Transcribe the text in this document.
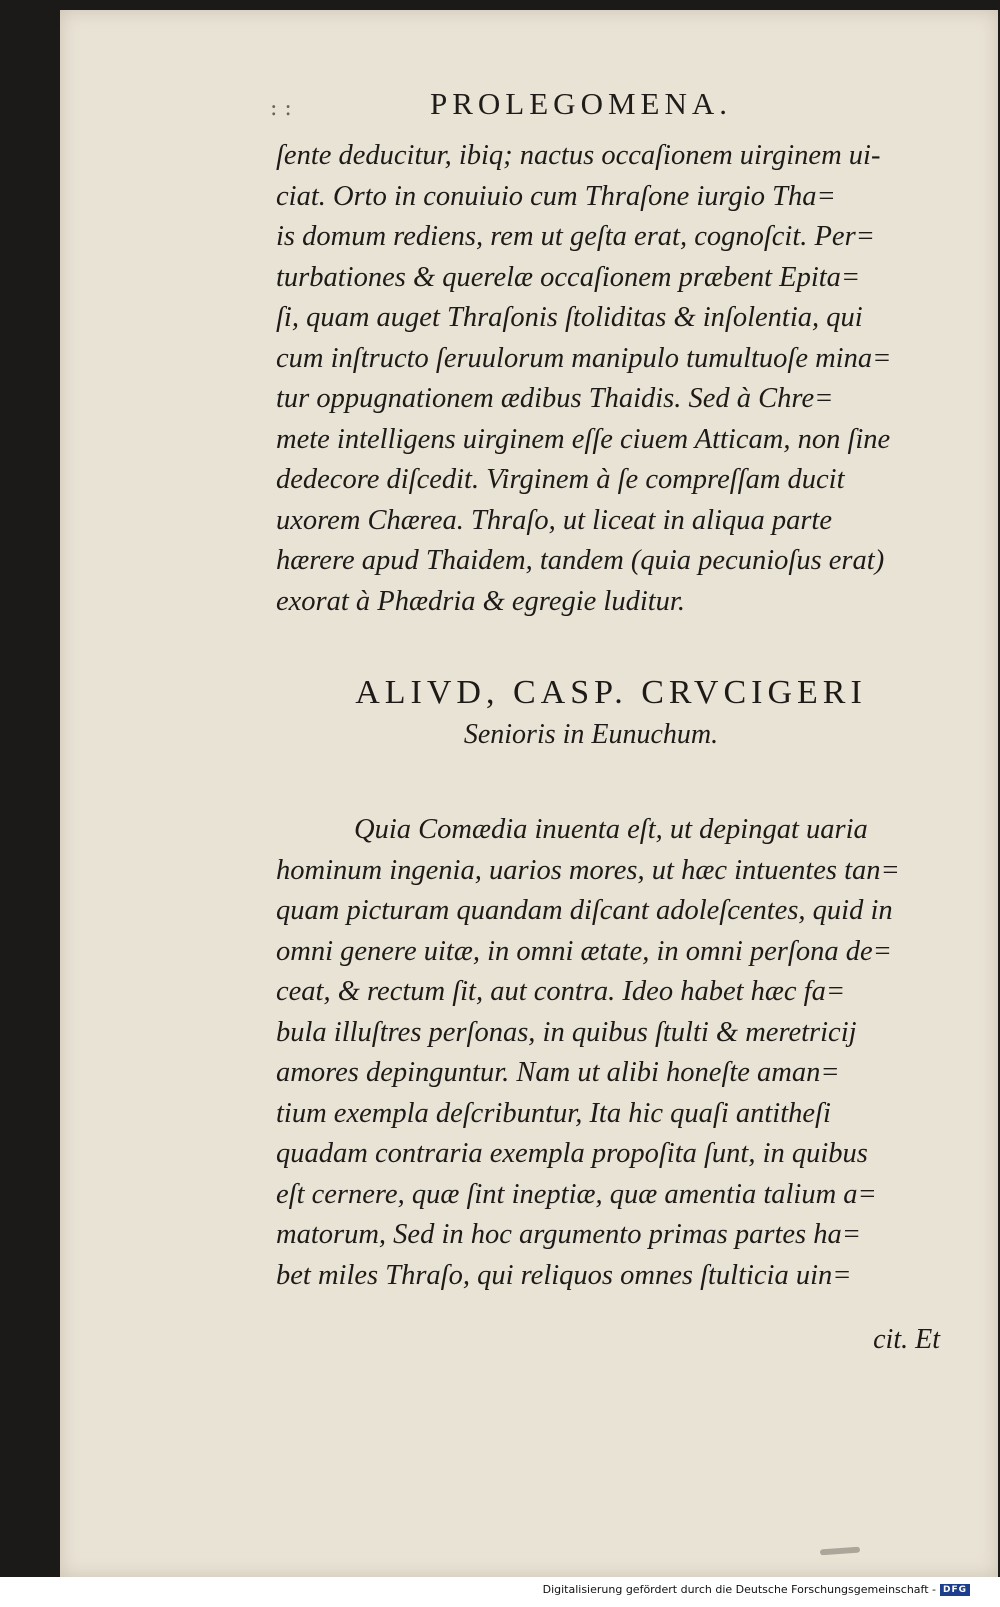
: :	PROLEGOMENA.
ſente deducitur, ibiq; nactus occaſionem uirginem ui-
ciat. Orto in conuiuio cum Thraſone iurgio Tha=
is domum rediens, rem ut geſta erat, cognoſcit. Per=
turbationes & querelæ occaſionem præbent Epita=
ſi, quam auget Thraſonis ſtoliditas & inſolentia, qui
cum inſtructo ſeruulorum manipulo tumultuoſe mina=
tur oppugnationem ædibus Thaidis. Sed à Chre=
mete intelligens uirginem eſſe ciuem Atticam, non ſine
dedecore diſcedit. Virginem à ſe compreſſam ducit
uxorem Chærea. Thraſo, ut liceat in aliqua parte
hærere apud Thaidem, tandem (quia pecunioſus erat)
exorat à Phædria & egregie luditur.
ALIVD, CASP. CRVCIGERI
Senioris in Eunuchum.
Quia Comædia inuenta eſt, ut depingat uaria
hominum ingenia, uarios mores, ut hæc intuentes tan=
quam picturam quandam diſcant adoleſcentes, quid in
omni genere uitæ, in omni ætate, in omni perſona de=
ceat, & rectum ſit, aut contra. Ideo habet hæc fa=
bula illuſtres perſonas, in quibus ſtulti & meretricij
amores depinguntur. Nam ut alibi honeſte aman=
tium exempla deſcribuntur, Ita hic quaſi antitheſi
quadam contraria exempla propoſita ſunt, in quibus
eſt cernere, quæ ſint ineptiæ, quæ amentia talium a=
matorum, Sed in hoc argumento primas partes ha=
bet miles Thraſo, qui reliquos omnes ſtulticia uin=
cit. Et
Digitalisierung gefördert durch die Deutsche Forschungsgemeinschaft - DFG
